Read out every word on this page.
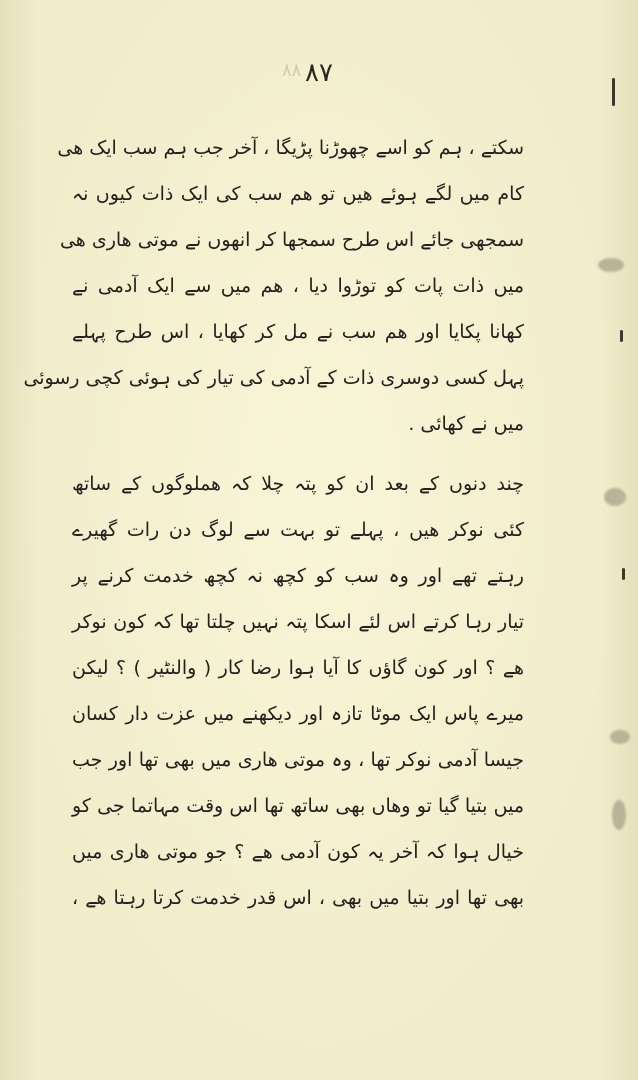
۸۸ ۸۷
سکتے ، ہم کو اسے چھوڑنا پڑیگا ، آخر جب ہم سب ایک ھی
کام میں لگے ہوئے ھیں تو ھم سب کی ایک ذات کیوں نہ
سمجھی جائے اس طرح سمجھا کر انھوں نے موتی ھاری ھی
میں ذات پات کو توڑوا دیا ، ھم میں سے ایک آدمی نے
کھانا پکایا اور ھم سب نے مل کر کھایا ، اس طرح پہلے
پہل کسی دوسری ذات کے آدمی کی تیار کی ہوئی کچی رسوئی
میں نے کھائی .
چند دنوں کے بعد ان کو پتہ چلا کہ ھملوگوں کے ساتھ
کئی نوکر ھیں ، پہلے تو بہت سے لوگ دن رات گھیرے
رہتے تھے اور وہ سب کو کچھ نہ کچھ خدمت کرنے پر
تیار رہا کرتے اس لئے اسکا پتہ نہیں چلتا تھا کہ کون نوکر
ھے ؟ اور کون گاؤں کا آیا ہوا رضا کار ( والنٹیر ) ؟ لیکن
میرے پاس ایک موٹا تازہ اور دیکھنے میں عزت دار کسان
جیسا آدمی نوکر تھا ، وہ موتی ھاری میں بھی تھا اور جب
میں بتیا گیا تو وھاں بھی ساتھ تھا اس وقت مہاتما جی کو
خیال ہوا کہ آخر یہ کون آدمی ھے ؟ جو موتی ھاری میں
بھی تھا اور بتیا میں بھی ، اس قدر خدمت کرتا رہتا ھے ،
